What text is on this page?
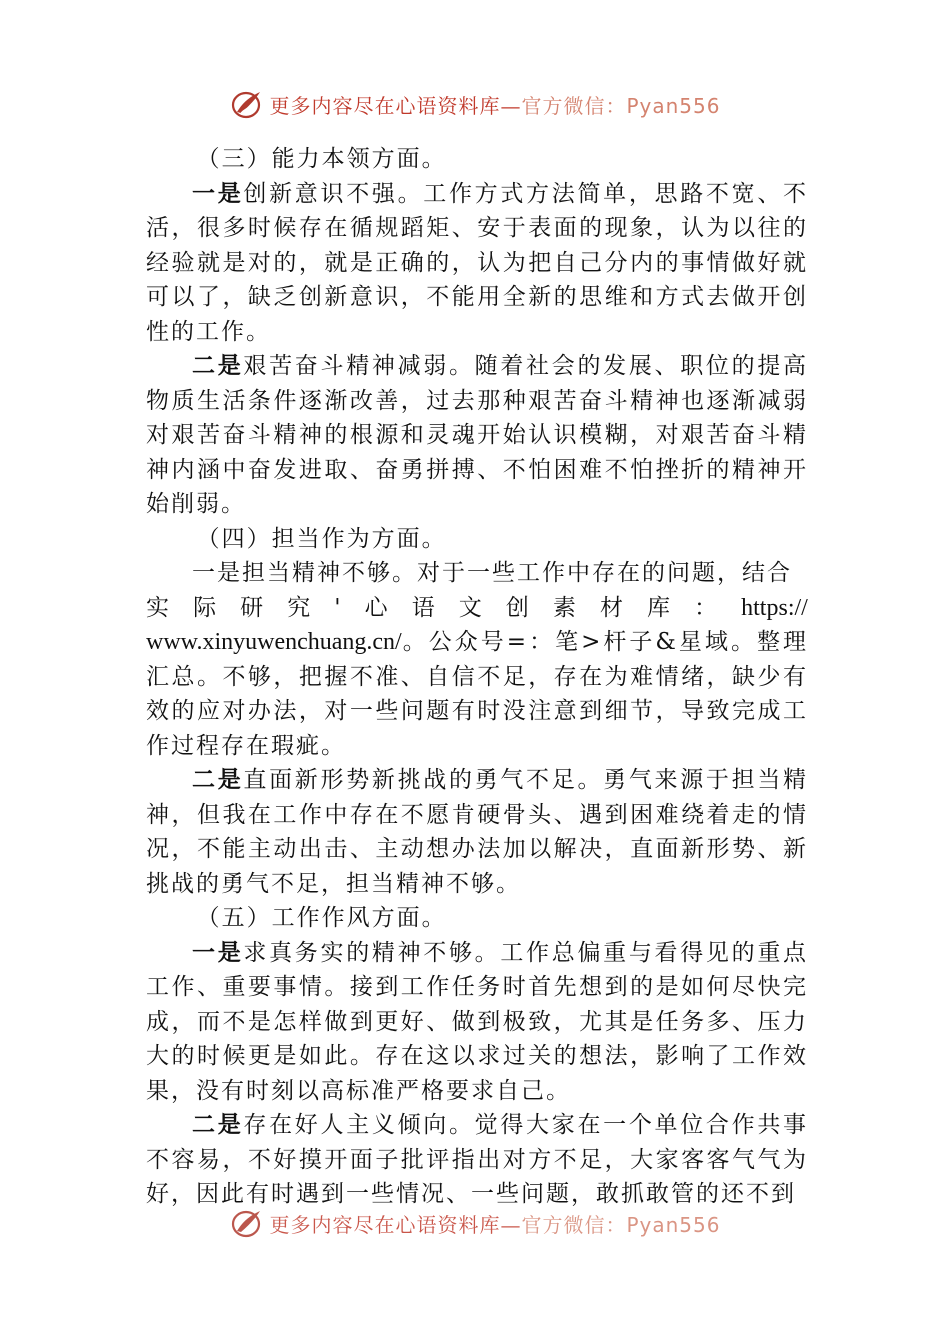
更多内容尽在心语资料库—官方微信：Pyan556

（三）能力本领方面。

一是创新意识不强。工作方式方法简单，思路不宽、不活，很多时候存在循规蹈矩、安于表面的现象，认为以往的经验就是对的，就是正确的，认为把自己分内的事情做好就可以了，缺乏创新意识，不能用全新的思维和方式去做开创性的工作。

二是艰苦奋斗精神减弱。随着社会的发展、职位的提高物质生活条件逐渐改善，过去那种艰苦奋斗精神也逐渐减弱对艰苦奋斗精神的根源和灵魂开始认识模糊，对艰苦奋斗精神内涵中奋发进取、奋勇拼搏、不怕困难不怕挫折的精神开始削弱。

（四）担当作为方面。

一是担当精神不够。对于一些工作中存在的问题，结合

实 际 研 究 ' 心 语 文 创 素 材 库 ： https://

www.xinyuwenchuang.cn/。公众号=：笔>杆子&星域。整理汇总。不够，把握不准、自信不足，存在为难情绪，缺少有效的应对办法，对一些问题有时没注意到细节，导致完成工作过程存在瑕疵。

二是直面新形势新挑战的勇气不足。勇气来源于担当精神，但我在工作中存在不愿肯硬骨头、遇到困难绕着走的情况，不能主动出击、主动想办法加以解决，直面新形势、新挑战的勇气不足，担当精神不够。

（五）工作作风方面。

一是求真务实的精神不够。工作总偏重与看得见的重点工作、重要事情。接到工作任务时首先想到的是如何尽快完成，而不是怎样做到更好、做到极致，尤其是任务多、压力大的时候更是如此。存在这以求过关的想法，影响了工作效果，没有时刻以高标准严格要求自己。

二是存在好人主义倾向。觉得大家在一个单位合作共事不容易，不好摸开面子批评指出对方不足，大家客客气气为好，因此有时遇到一些情况、一些问题，敢抓敢管的还不到

更多内容尽在心语资料库—官方微信：Pyan556
